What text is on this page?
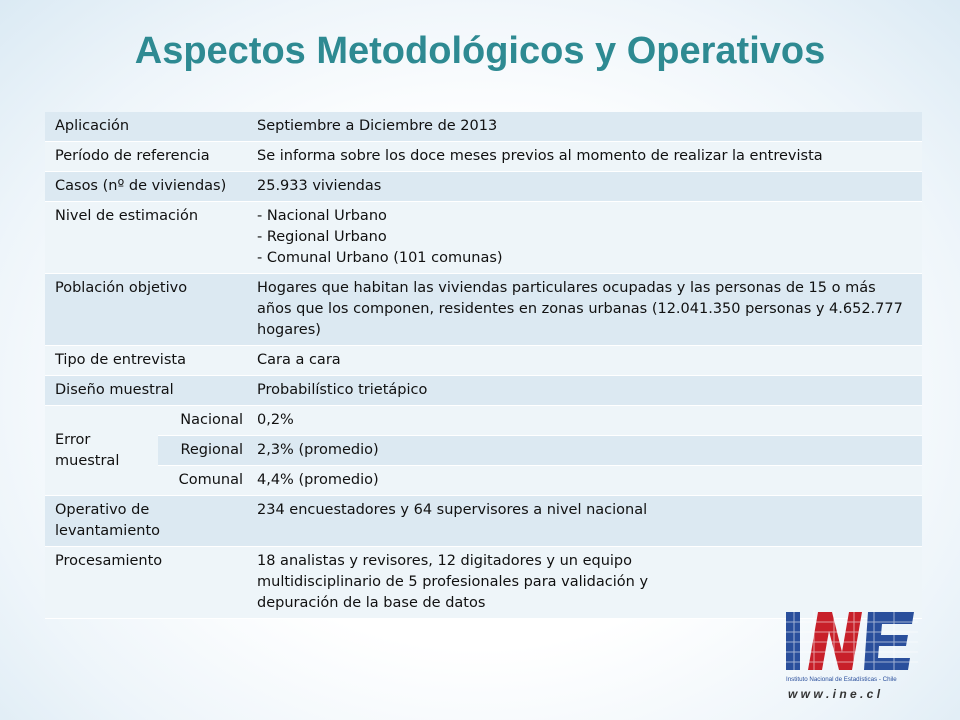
Aspectos Metodológicos y Operativos
Aplicación		Septiembre a Diciembre de 2013
Período de referencia		Se informa sobre los doce meses previos al momento de realizar la entrevista
Casos (nº de viviendas)		25.933 viviendas
Nivel de estimación		- Nacional Urbano
- Regional Urbano
- Comunal Urbano (101 comunas)

Población objetivo		Hogares que habitan las viviendas particulares ocupadas y las personas de 15 o más años que los componen, residentes en zonas urbanas (12.041.350 personas y 4.652.777 hogares)
Tipo de entrevista		Cara a cara
Diseño muestral		Probabilístico trietápico
Error muestral	Nacional	0,2%
	Regional	2,3% (promedio)
	Comunal	4,4% (promedio)
Operativo de levantamiento		234 encuestadores y 64 supervisores a nivel nacional
Procesamiento		18 analistas y revisores, 12 digitadores y un equipo multidisciplinario de 5 profesionales para validación y depuración de la base de datos
Instituto Nacional de Estadísticas - Chile
w w w . i n e . c l
